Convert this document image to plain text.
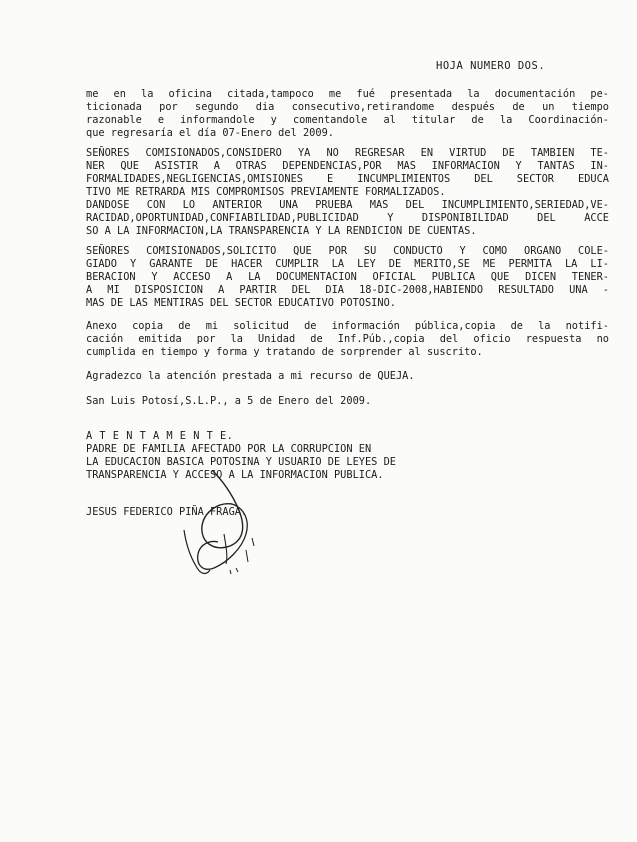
HOJA NUMERO DOS.
me en la oficina citada,tampoco me fué presentada la documentación pe-
ticionada por segundo dia consecutivo,retirandome después de un tiempo
razonable e informandole y comentandole al titular de la Coordinación-
que regresaría el día 07-Enero del 2009.
SEÑORES COMISIONADOS,CONSIDERO YA NO REGRESAR EN VIRTUD DE TAMBIEN TE-
NER QUE ASISTIR A OTRAS DEPENDENCIAS,POR MAS INFORMACION Y TANTAS IN-
FORMALIDADES,NEGLIGENCIAS,OMISIONES E INCUMPLIMIENTOS DEL SECTOR EDUCA
TIVO ME RETRARDA MIS COMPROMISOS PREVIAMENTE FORMALIZADOS.
DANDOSE CON LO ANTERIOR UNA PRUEBA MAS DEL INCUMPLIMIENTO,SERIEDAD,VE-
RACIDAD,OPORTUNIDAD,CONFIABILIDAD,PUBLICIDAD Y DISPONIBILIDAD DEL ACCE
SO A LA INFORMACION,LA TRANSPARENCIA Y LA RENDICION DE CUENTAS.
SEÑORES COMISIONADOS,SOLICITO QUE POR SU CONDUCTO Y COMO ORGANO COLE-
GIADO Y GARANTE DE HACER CUMPLIR LA LEY DE MERITO,SE ME PERMITA LA LI-
BERACION Y ACCESO A LA DOCUMENTACION OFICIAL PUBLICA QUE DICEN TENER-
A MI DISPOSICION A PARTIR DEL DIA 18-DIC-2008,HABIENDO RESULTADO UNA -
MAS DE LAS MENTIRAS DEL SECTOR EDUCATIVO POTOSINO.
Anexo copia de mi solicitud de información pública,copia de la notifi-
cación emitida por la Unidad de Inf.Púb.,copia del oficio respuesta no
cumplida en tiempo y forma y tratando de sorprender al suscrito.
Agradezco la atención prestada a mi recurso de QUEJA.
San Luis Potosí,S.L.P., a 5 de Enero del 2009.
A T E N T A M E N T E.
PADRE DE FAMILIA AFECTADO POR LA CORRUPCION EN
LA EDUCACION BASICA POTOSINA Y USUARIO DE LEYES DE
TRANSPARENCIA Y ACCESO A LA INFORMACION PUBLICA.
JESUS FEDERICO PIÑA FRAGA.
